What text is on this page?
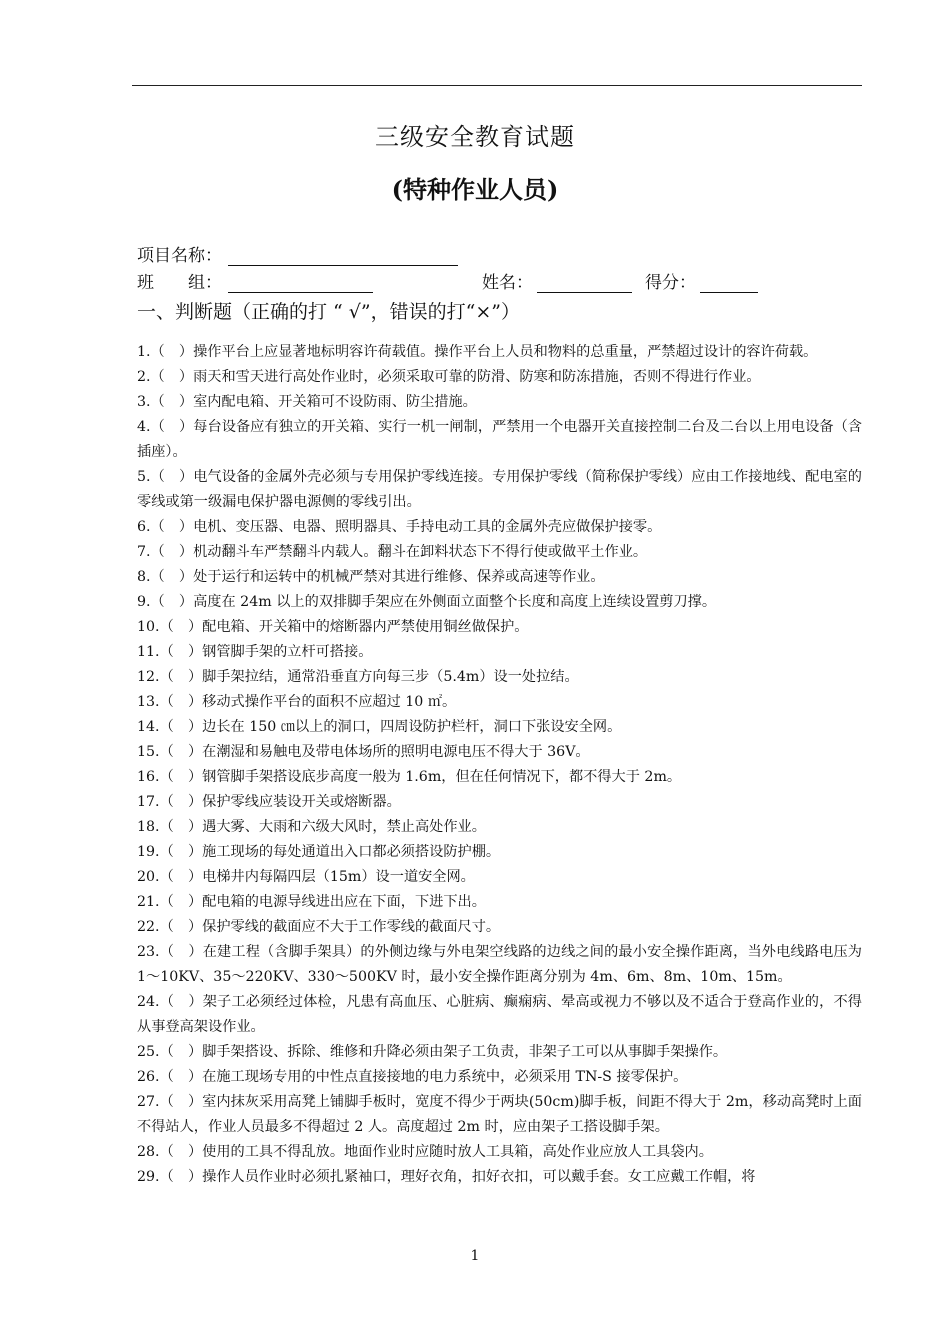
三级安全教育试题
(特种作业人员)
项目名称：
班　　组：	姓名：	得分：
一、判断题（正确的打 “ √”，错误的打“×”）
1.（　）操作平台上应显著地标明容许荷载值。操作平台上人员和物料的总重量，严禁超过设计的容许荷载。
2.（　）雨天和雪天进行高处作业时，必须采取可靠的防滑、防寒和防冻措施，否则不得进行作业。
3.（　）室内配电箱、开关箱可不设防雨、防尘措施。
4.（　）每台设备应有独立的开关箱、实行一机一闸制，严禁用一个电器开关直接控制二台及二台以上用电设备（含插座）。
5.（　）电气设备的金属外壳必须与专用保护零线连接。专用保护零线（简称保护零线）应由工作接地线、配电室的零线或第一级漏电保护器电源侧的零线引出。
6.（　）电机、变压器、电器、照明器具、手持电动工具的金属外壳应做保护接零。
7.（　）机动翻斗车严禁翻斗内载人。翻斗在卸料状态下不得行使或做平土作业。
8.（　）处于运行和运转中的机械严禁对其进行维修、保养或高速等作业。
9.（　）高度在 24m 以上的双排脚手架应在外侧面立面整个长度和高度上连续设置剪刀撑。
10.（　）配电箱、开关箱中的熔断器内严禁使用铜丝做保护。
11.（　）钢管脚手架的立杆可搭接。
12.（　）脚手架拉结，通常沿垂直方向每三步（5.4m）设一处拉结。
13.（　）移动式操作平台的面积不应超过 10 ㎡。
14.（　）边长在 150 ㎝以上的洞口，四周设防护栏杆，洞口下张设安全网。
15.（　）在潮湿和易触电及带电体场所的照明电源电压不得大于 36V。
16.（　）钢管脚手架搭设底步高度一般为 1.6m，但在任何情况下，都不得大于 2m。
17.（　）保护零线应装设开关或熔断器。
18.（　）遇大雾、大雨和六级大风时，禁止高处作业。
19.（　）施工现场的每处通道出入口都必须搭设防护棚。
20.（　）电梯井内每隔四层（15m）设一道安全网。
21.（　）配电箱的电源导线进出应在下面，下进下出。
22.（　）保护零线的截面应不大于工作零线的截面尺寸。
23.（　）在建工程（含脚手架具）的外侧边缘与外电架空线路的边线之间的最小安全操作距离，当外电线路电压为 1～10KV、35～220KV、330～500KV 时，最小安全操作距离分别为 4m、6m、8m、10m、15m。
24.（　）架子工必须经过体检，凡患有高血压、心脏病、癫痫病、晕高或视力不够以及不适合于登高作业的，不得从事登高架设作业。
25.（　）脚手架搭设、拆除、维修和升降必须由架子工负责，非架子工可以从事脚手架操作。
26.（　）在施工现场专用的中性点直接接地的电力系统中，必须采用 TN-S 接零保护。
27.（　）室内抹灰采用高凳上铺脚手板时，宽度不得少于两块(50cm)脚手板，间距不得大于 2m，移动高凳时上面不得站人，作业人员最多不得超过 2 人。高度超过 2m 时，应由架子工搭设脚手架。
28.（　）使用的工具不得乱放。地面作业时应随时放人工具箱，高处作业应放人工具袋内。
29.（　）操作人员作业时必须扎紧袖口，理好衣角，扣好衣扣，可以戴手套。女工应戴工作帽，将
1
